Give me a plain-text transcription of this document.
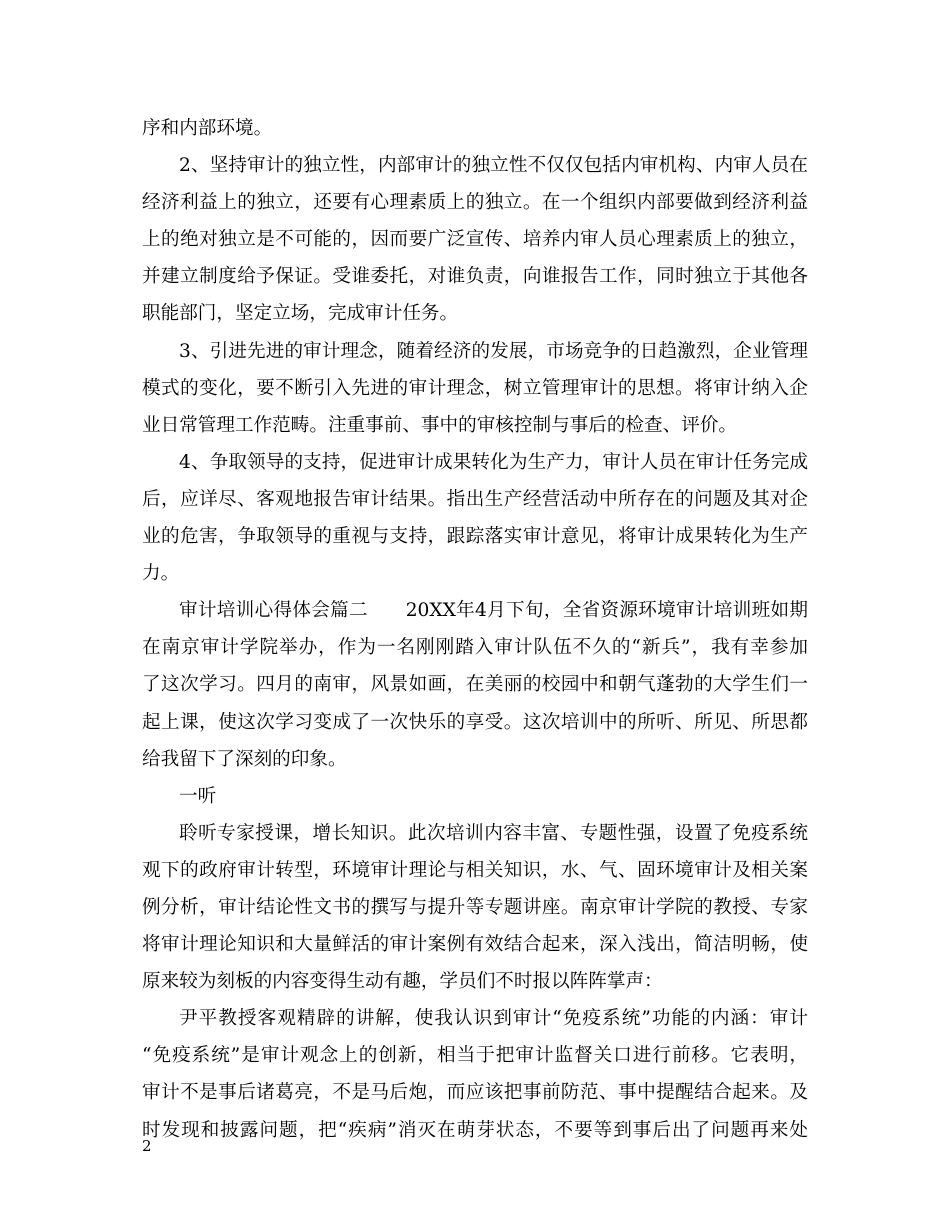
序和内部环境。
2、坚持审计的独立性，内部审计的独立性不仅仅包括内审机构、内审人员在
经济利益上的独立，还要有心理素质上的独立。在一个组织内部要做到经济利益
上的绝对独立是不可能的，因而要广泛宣传、培养内审人员心理素质上的独立，
并建立制度给予保证。受谁委托，对谁负责，向谁报告工作，同时独立于其他各
职能部门，坚定立场，完成审计任务。
3、引进先进的审计理念，随着经济的发展，市场竞争的日趋激烈，企业管理
模式的变化，要不断引入先进的审计理念，树立管理审计的思想。将审计纳入企
业日常管理工作范畴。注重事前、事中的审核控制与事后的检查、评价。
4、争取领导的支持，促进审计成果转化为生产力，审计人员在审计任务完成
后，应详尽、客观地报告审计结果。指出生产经营活动中所存在的问题及其对企
业的危害，争取领导的重视与支持，跟踪落实审计意见，将审计成果转化为生产
力。
审计培训心得体会篇二　　20XX年4月下旬，全省资源环境审计培训班如期
在南京审计学院举办，作为一名刚刚踏入审计队伍不久的“新兵”，我有幸参加
了这次学习。四月的南审，风景如画，在美丽的校园中和朝气蓬勃的大学生们一
起上课，使这次学习变成了一次快乐的享受。这次培训中的所听、所见、所思都
给我留下了深刻的印象。
一听
聆听专家授课，增长知识。此次培训内容丰富、专题性强，设置了免疫系统
观下的政府审计转型，环境审计理论与相关知识，水、气、固环境审计及相关案
例分析，审计结论性文书的撰写与提升等专题讲座。南京审计学院的教授、专家
将审计理论知识和大量鲜活的审计案例有效结合起来，深入浅出，简洁明畅，使
原来较为刻板的内容变得生动有趣，学员们不时报以阵阵掌声：
尹平教授客观精辟的讲解，使我认识到审计“免疫系统”功能的内涵：审计
“免疫系统”是审计观念上的创新，相当于把审计监督关口进行前移。它表明，
审计不是事后诸葛亮，不是马后炮，而应该把事前防范、事中提醒结合起来。及
时发现和披露问题，把“疾病”消灭在萌芽状态，不要等到事后出了问题再来处
2
